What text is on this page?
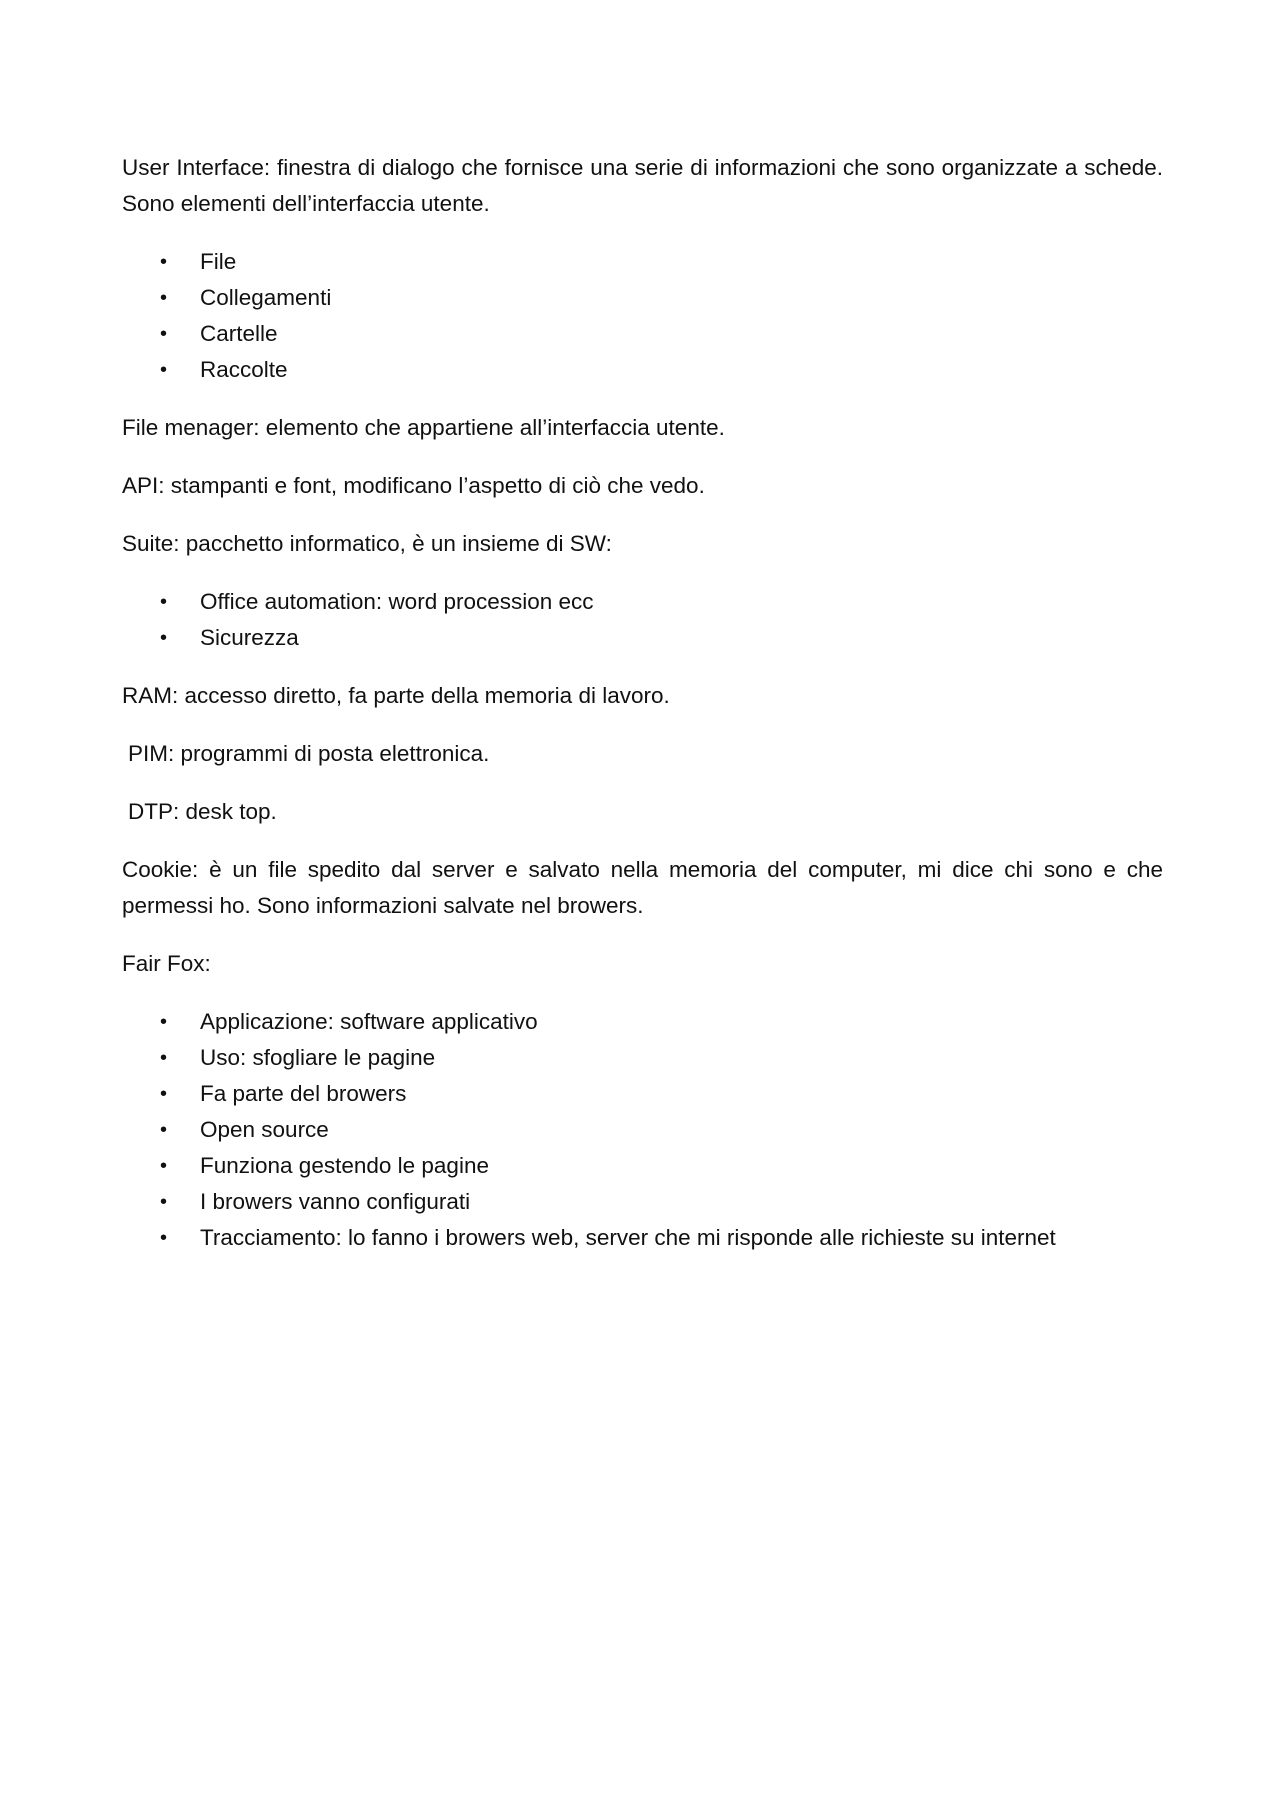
User Interface: finestra di dialogo che fornisce una serie di informazioni che sono organizzate a schede. Sono elementi dell’interfaccia utente.

• File
• Collegamenti
• Cartelle
• Raccolte

File menager: elemento che appartiene all’interfaccia utente.

API: stampanti e font, modificano l’aspetto di ciò che vedo.

Suite: pacchetto informatico, è un insieme di SW:

• Office automation: word procession ecc
• Sicurezza

RAM: accesso diretto, fa parte della memoria di lavoro.

PIM: programmi di posta elettronica.

DTP: desk top.

Cookie: è un file spedito dal server e salvato nella memoria del computer, mi dice chi sono e che permessi ho. Sono informazioni salvate nel browers.

Fair Fox:

• Applicazione: software applicativo
• Uso: sfogliare le pagine
• Fa parte del browers
• Open source
• Funziona gestendo le pagine
• I browers vanno configurati
• Tracciamento: lo fanno i browers web, server che mi risponde alle richieste su internet
